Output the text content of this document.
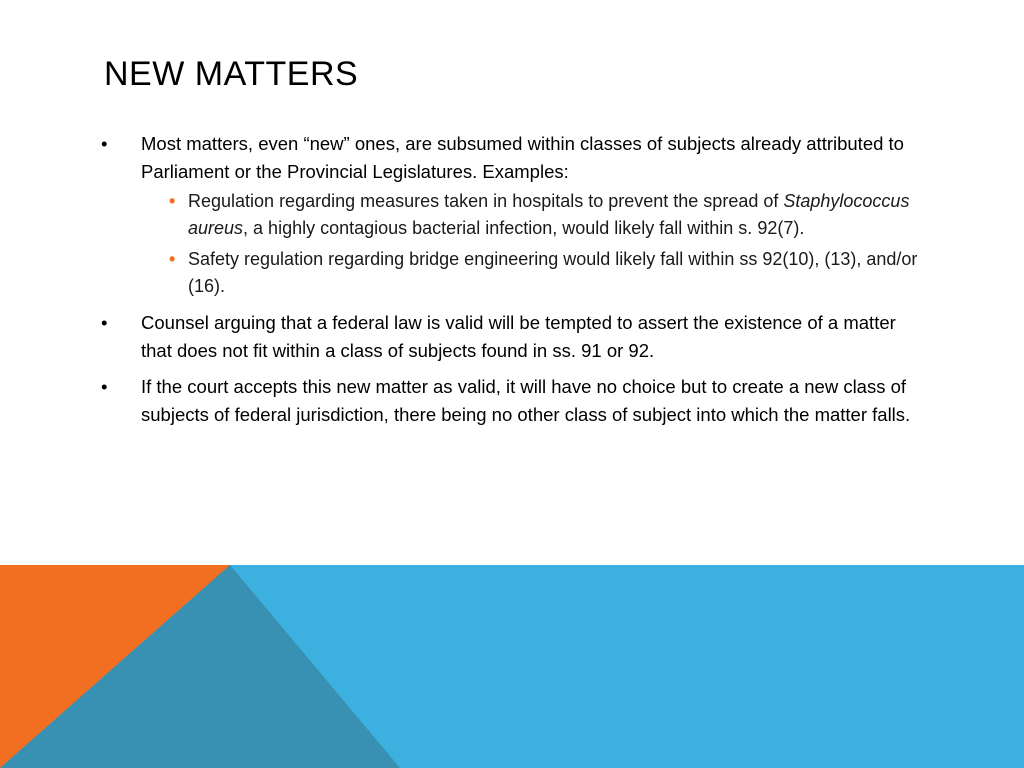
NEW MATTERS
•	Most matters, even “new” ones, are subsumed within classes of subjects already attributed to Parliament or the Provincial Legislatures. Examples:
• Regulation regarding measures taken in hospitals to prevent the spread of Staphylococcus aureus, a highly contagious bacterial infection, would likely fall within s. 92(7).
• Safety regulation regarding bridge engineering would likely fall within ss 92(10), (13), and/or (16).
•	Counsel arguing that a federal law is valid will be tempted to assert the existence of a matter that does not fit within a class of subjects found in ss. 91 or 92.
•	If the court accepts this new matter as valid, it will have no choice but to create a new class of subjects of federal jurisdiction, there being no other class of subject into which the matter falls.
